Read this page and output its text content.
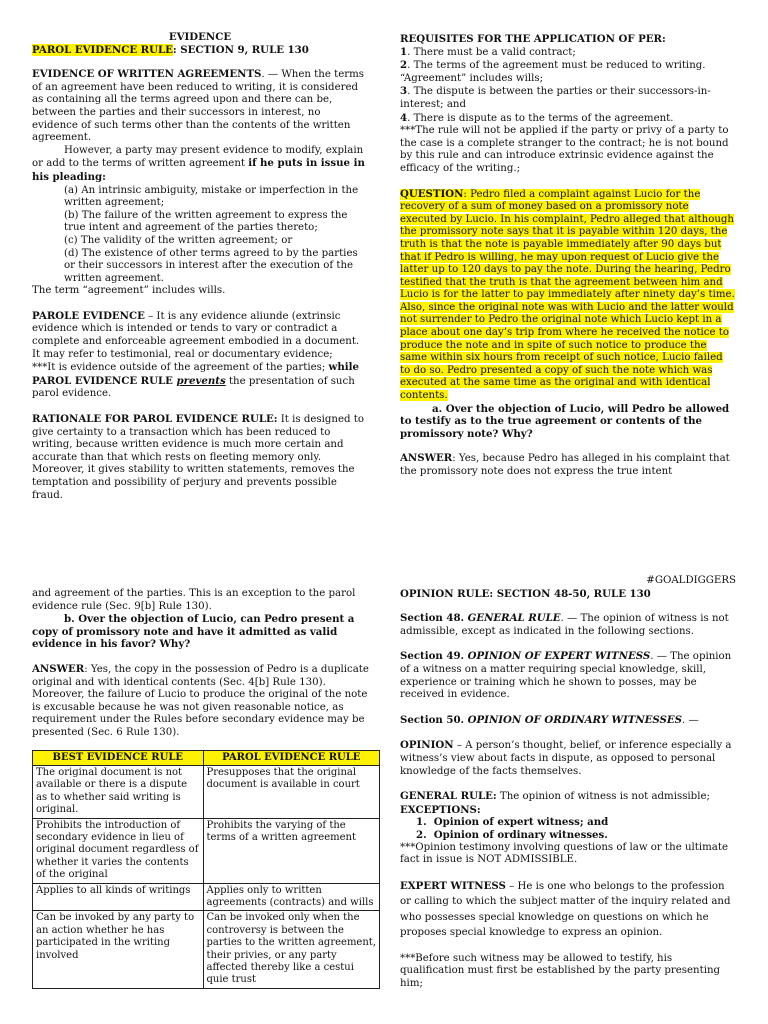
EVIDENCE

PAROL EVIDENCE RULE: SECTION 9, RULE 130

EVIDENCE OF WRITTEN AGREEMENTS. — When the terms of an agreement have been reduced to writing, it is considered as containing all the terms agreed upon and there can be, between the parties and their successors in interest, no evidence of such terms other than the contents of the written agreement.

However, a party may present evidence to modify, explain or add to the terms of written agreement if he puts in issue in his pleading:

(a) An intrinsic ambiguity, mistake or imperfection in the written agreement;

(b) The failure of the written agreement to express the true intent and agreement of the parties thereto;

(c) The validity of the written agreement; or

(d) The existence of other terms agreed to by the parties or their successors in interest after the execution of the written agreement.

The term “agreement” includes wills.

PAROLE EVIDENCE – It is any evidence aliunde (extrinsic evidence which is intended or tends to vary or contradict a complete and enforceable agreement embodied in a document. It may refer to testimonial, real or documentary evidence;

***It is evidence outside of the agreement of the parties; while PAROL EVIDENCE RULE prevents the presentation of such parol evidence.

RATIONALE FOR PAROL EVIDENCE RULE: It is designed to give certainty to a transaction which has been reduced to writing, because written evidence is much more certain and accurate than that which rests on fleeting memory only. Moreover, it gives stability to written statements, removes the temptation and possibility of perjury and prevents possible fraud.

REQUISITES FOR THE APPLICATION OF PER:

1. There must be a valid contract;

2. The terms of the agreement must be reduced to writing. “Agreement” includes wills;

3. The dispute is between the parties or their successors-in-interest; and

4. There is dispute as to the terms of the agreement.

***The rule will not be applied if the party or privy of a party to the case is a complete stranger to the contract; he is not bound by this rule and can introduce extrinsic evidence against the efficacy of the writing.;

QUESTION: Pedro filed a complaint against Lucio for the recovery of a sum of money based on a promissory note executed by Lucio. In his complaint, Pedro alleged that although the promissory note says that it is payable within 120 days, the truth is that the note is payable immediately after 90 days but that if Pedro is willing, he may upon request of Lucio give the latter up to 120 days to pay the note. During the hearing, Pedro testified that the truth is that the agreement between him and Lucio is for the latter to pay immediately after ninety day’s time. Also, since the original note was with Lucio and the latter would not surrender to Pedro the original note which Lucio kept in a place about one day’s trip from where he received the notice to produce the note and in spite of such notice to produce the same within six hours from receipt of such notice, Lucio failed to do so. Pedro presented a copy of such the note which was executed at the same time as the original and with identical contents.

a. Over the objection of Lucio, will Pedro be allowed to testify as to the true agreement or contents of the promissory note? Why?

ANSWER: Yes, because Pedro has alleged in his complaint that the promissory note does not express the true intent

and agreement of the parties. This is an exception to the parol evidence rule (Sec. 9[b] Rule 130).

b. Over the objection of Lucio, can Pedro present a copy of promissory note and have it admitted as valid evidence in his favor? Why?

ANSWER: Yes, the copy in the possession of Pedro is a duplicate original and with identical contents (Sec. 4[b] Rule 130). Moreover, the failure of Lucio to produce the original of the note is excusable because he was not given reasonable notice, as requirement under the Rules before secondary evidence may be presented (Sec. 6 Rule 130).

BEST EVIDENCE RULE	PAROL EVIDENCE RULE
The original document is not available or there is a dispute as to whether said writing is original.	Presupposes that the original document is available in court
Prohibits the introduction of secondary evidence in lieu of original document regardless of whether it varies the contents of the original	Prohibits the varying of the terms of a written agreement
Applies to all kinds of writings	Applies only to written agreements (contracts) and wills
Can be invoked by any party to an action whether he has participated in the writing involved	Can be invoked only when the controversy is between the parties to the written agreement, their privies, or any party affected thereby like a cestui quie trust

#GOALDIGGERS

OPINION RULE: SECTION 48-50, RULE 130

Section 48. GENERAL RULE. — The opinion of witness is not admissible, except as indicated in the following sections.

Section 49. OPINION OF EXPERT WITNESS. — The opinion of a witness on a matter requiring special knowledge, skill, experience or training which he shown to posses, may be received in evidence.

Section 50. OPINION OF ORDINARY WITNESSES. —

OPINION – A person’s thought, belief, or inference especially a witness’s view about facts in dispute, as opposed to personal knowledge of the facts themselves.

GENERAL RULE: The opinion of witness is not admissible;

EXCEPTIONS:

1.  Opinion of expert witness; and

2.  Opinion of ordinary witnesses.

***Opinion testimony involving questions of law or the ultimate fact in issue is NOT ADMISSIBLE.

EXPERT WITNESS – He is one who belongs to the profession or calling to which the subject matter of the inquiry related and who possesses special knowledge on questions on which he proposes special knowledge to express an opinion.

***Before such witness may be allowed to testify, his qualification must first be established by the party presenting him;
